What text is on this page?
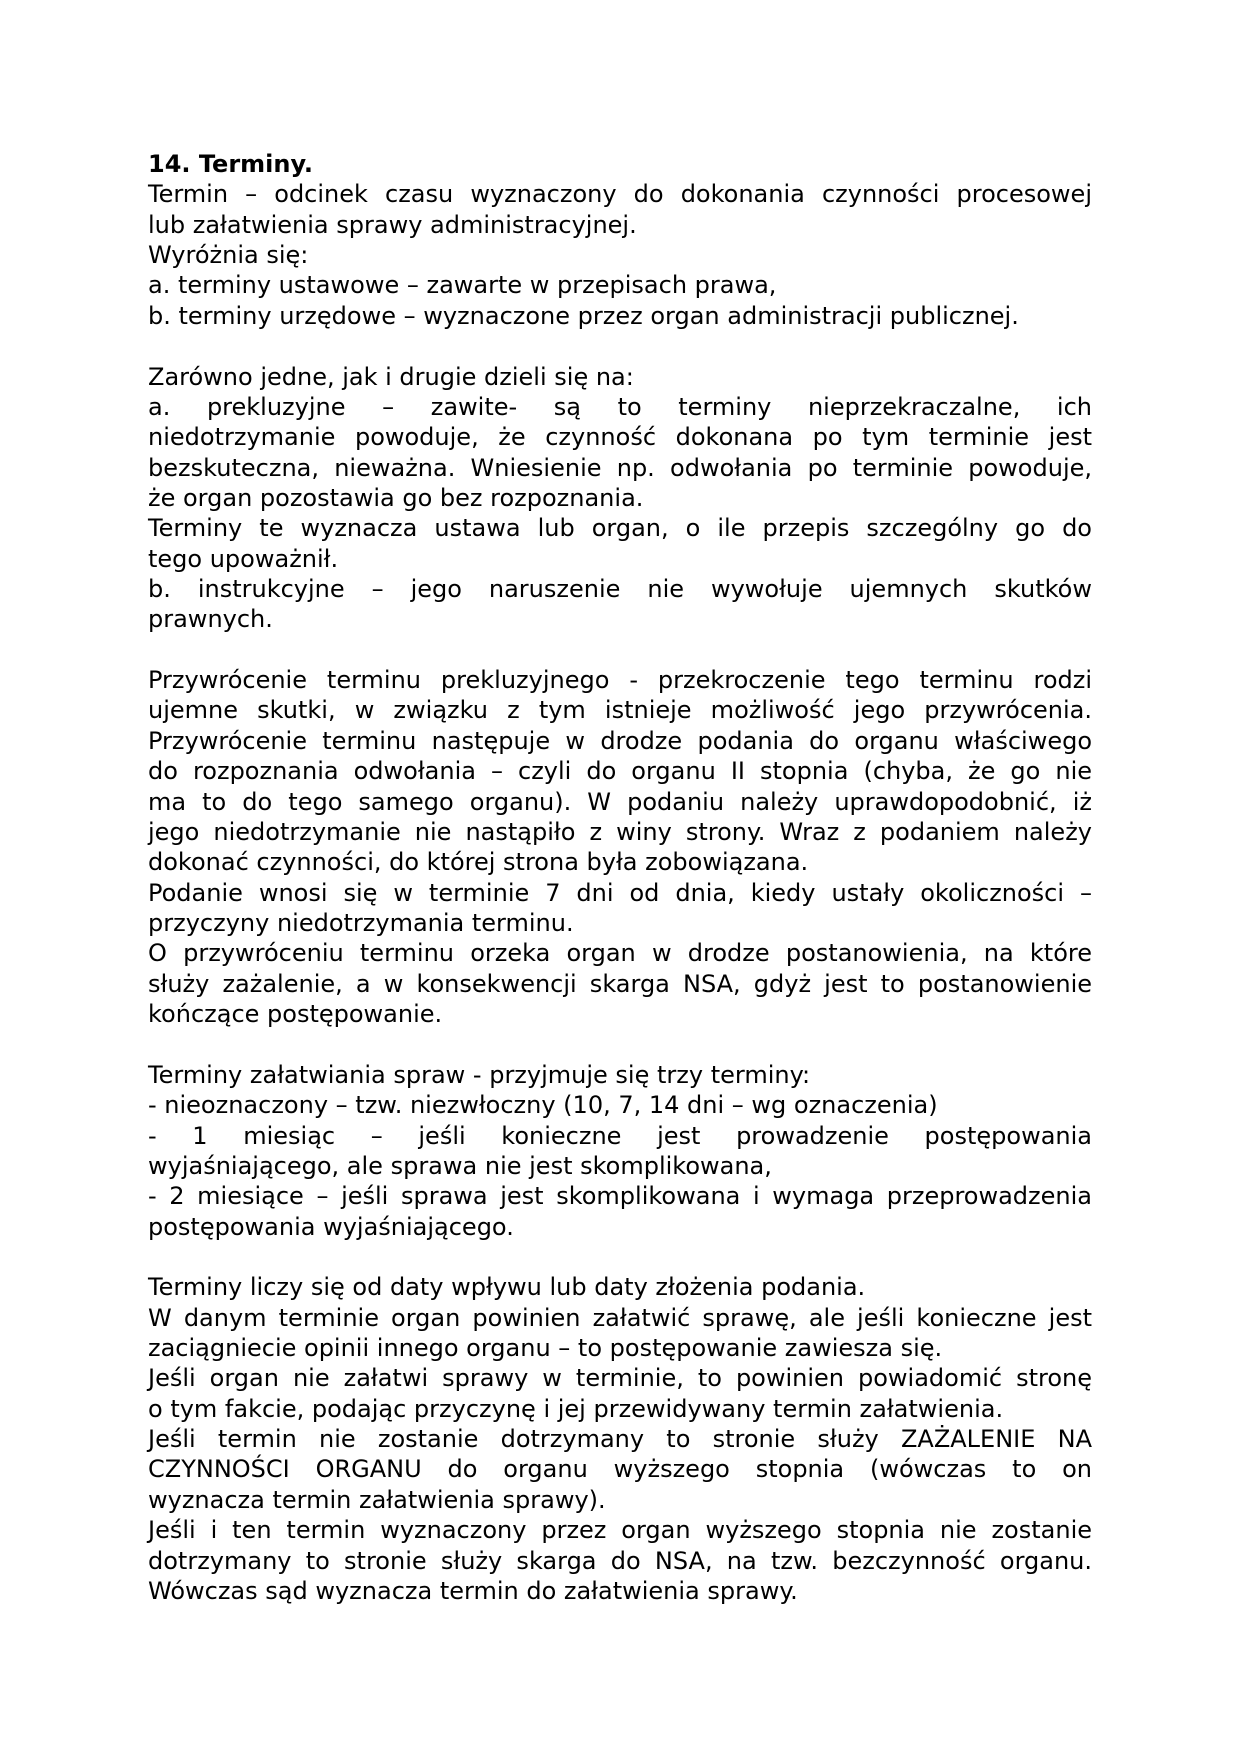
14. Terminy.
Termin – odcinek czasu wyznaczony do dokonania czynności procesowej
lub załatwienia sprawy administracyjnej.
Wyróżnia się:
a. terminy ustawowe – zawarte w przepisach prawa,
b. terminy urzędowe – wyznaczone przez organ administracji publicznej.
Zarówno jedne, jak i drugie dzieli się na:
a. prekluzyjne – zawite- są to terminy nieprzekraczalne, ich
niedotrzymanie powoduje, że czynność dokonana po tym terminie jest
bezskuteczna, nieważna. Wniesienie np. odwołania po terminie powoduje,
że organ pozostawia go bez rozpoznania.
Terminy te wyznacza ustawa lub organ, o ile przepis szczególny go do
tego upoważnił.
b. instrukcyjne – jego naruszenie nie wywołuje ujemnych skutków
prawnych.
Przywrócenie terminu prekluzyjnego - przekroczenie tego terminu rodzi
ujemne skutki, w związku z tym istnieje możliwość jego przywrócenia.
Przywrócenie terminu następuje w drodze podania do organu właściwego
do rozpoznania odwołania – czyli do organu II stopnia (chyba, że go nie
ma to do tego samego organu). W podaniu należy uprawdopodobnić, iż
jego niedotrzymanie nie nastąpiło z winy strony. Wraz z podaniem należy
dokonać czynności, do której strona była zobowiązana.
Podanie wnosi się w terminie 7 dni od dnia, kiedy ustały okoliczności –
przyczyny niedotrzymania terminu.
O przywróceniu terminu orzeka organ w drodze postanowienia, na które
służy zażalenie, a w konsekwencji skarga NSA, gdyż jest to postanowienie
kończące postępowanie.
Terminy załatwiania spraw - przyjmuje się trzy terminy:
- nieoznaczony – tzw. niezwłoczny (10, 7, 14 dni – wg oznaczenia)
- 1 miesiąc – jeśli konieczne jest prowadzenie postępowania
wyjaśniającego, ale sprawa nie jest skomplikowana,
- 2 miesiące – jeśli sprawa jest skomplikowana i wymaga przeprowadzenia
postępowania wyjaśniającego.
Terminy liczy się od daty wpływu lub daty złożenia podania.
W danym terminie organ powinien załatwić sprawę, ale jeśli konieczne jest
zaciągniecie opinii innego organu – to postępowanie zawiesza się.
Jeśli organ nie załatwi sprawy w terminie, to powinien powiadomić stronę
o tym fakcie, podając przyczynę i jej przewidywany termin załatwienia.
Jeśli termin nie zostanie dotrzymany to stronie służy ZAŻALENIE NA
CZYNNOŚCI ORGANU do organu wyższego stopnia (wówczas to on
wyznacza termin załatwienia sprawy).
Jeśli i ten termin wyznaczony przez organ wyższego stopnia nie zostanie
dotrzymany to stronie służy skarga do NSA, na tzw. bezczynność organu.
Wówczas sąd wyznacza termin do załatwienia sprawy.
